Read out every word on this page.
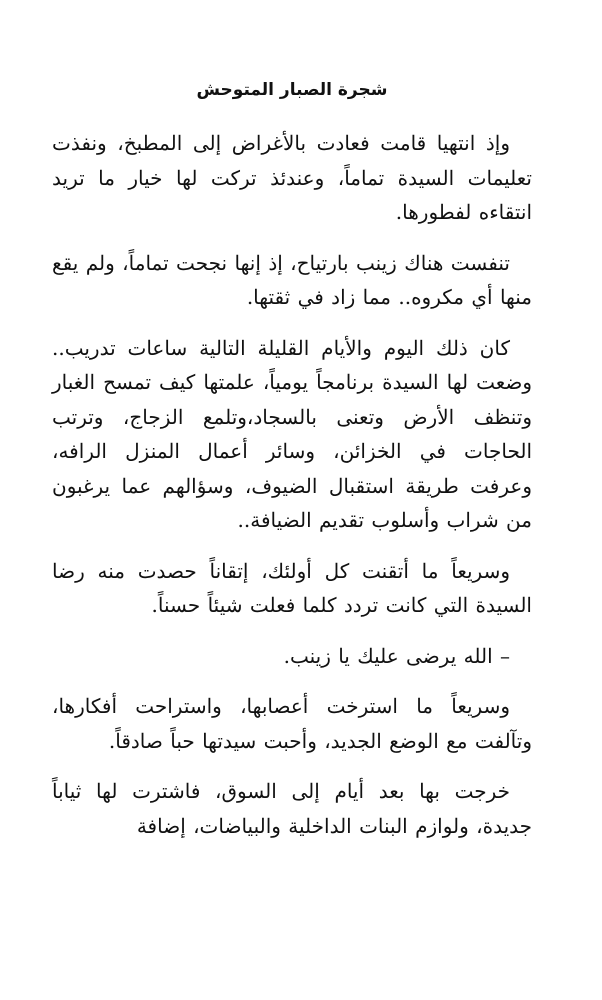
شجرة الصبار المتوحش

وإذ انتهيا قامت فعادت بالأغراض إلى المطبخ، ونفذت تعليمات السيدة تماماً، وعندئذ تركت لها خيار ما تريد انتقاءه لفطورها.

تنفست هناك زينب بارتياح، إذ إنها نجحت تماماً، ولم يقع منها أي مكروه.. مما زاد في ثقتها.

كان ذلك اليوم والأيام القليلة التالية ساعات تدريب.. وضعت لها السيدة برنامجاً يومياً، علمتها كيف تمسح الغبار وتنظف الأرض وتعنى بالسجاد،وتلمع الزجاج، وترتب الحاجات في الخزائن، وسائر أعمال المنزل الرافه، وعرفت طريقة استقبال الضيوف، وسؤالهم عما يرغبون من شراب وأسلوب تقديم الضيافة..

وسريعاً ما أتقنت كل أولئك، إتقاناً حصدت منه رضا السيدة التي كانت تردد كلما فعلت شيئاً حسناً.

– الله يرضى عليك يا زينب.

وسريعاً ما استرخت أعصابها، واستراحت أفكارها، وتآلفت مع الوضع الجديد، وأحبت سيدتها حباً صادقاً.

خرجت بها بعد أيام إلى السوق، فاشترت لها ثياباً جديدة، ولوازم البنات الداخلية والبياضات، إضافة
